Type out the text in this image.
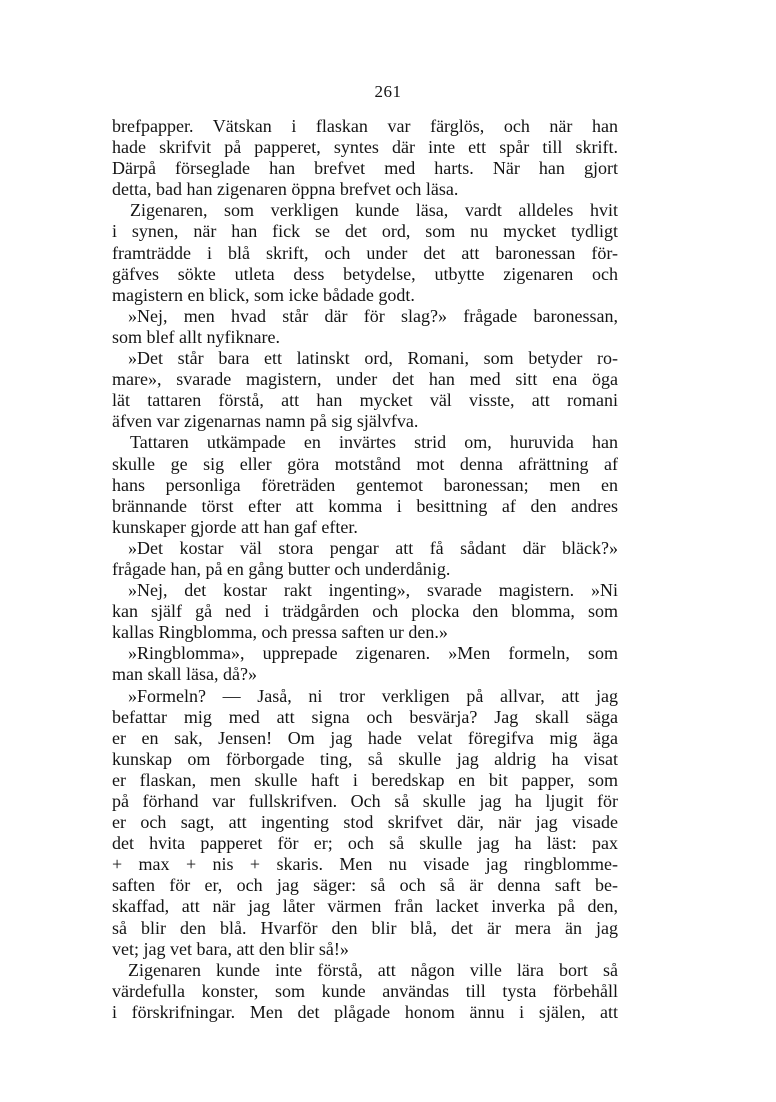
261
brefpapper. Vätskan i flaskan var färglös, och när han
hade skrifvit på papperet, syntes där inte ett spår till skrift.
Därpå förseglade han brefvet med harts. När han gjort
detta, bad han zigenaren öppna brefvet och läsa.
Zigenaren, som verkligen kunde läsa, vardt alldeles hvit
i synen, när han fick se det ord, som nu mycket tydligt
framträdde i blå skrift, och under det att baronessan för-
gäfves sökte utleta dess betydelse, utbytte zigenaren och
magistern en blick, som icke bådade godt.
»Nej, men hvad står där för slag?» frågade baronessan,
som blef allt nyfiknare.
»Det står bara ett latinskt ord, Romani, som betyder ro-
mare», svarade magistern, under det han med sitt ena öga
lät tattaren förstå, att han mycket väl visste, att romani
äfven var zigenarnas namn på sig självfva.
Tattaren utkämpade en invärtes strid om, huruvida han
skulle ge sig eller göra motstånd mot denna afrättning af
hans personliga företräden gentemot baronessan; men en
brännande törst efter att komma i besittning af den andres
kunskaper gjorde att han gaf efter.
»Det kostar väl stora pengar att få sådant där bläck?»
frågade han, på en gång butter och underdånig.
»Nej, det kostar rakt ingenting», svarade magistern. »Ni
kan själf gå ned i trädgården och plocka den blomma, som
kallas Ringblomma, och pressa saften ur den.»
»Ringblomma», upprepade zigenaren. »Men formeln, som
man skall läsa, då?»
»Formeln? — Jaså, ni tror verkligen på allvar, att jag
befattar mig med att signa och besvärja? Jag skall säga
er en sak, Jensen! Om jag hade velat föregifva mig äga
kunskap om förborgade ting, så skulle jag aldrig ha visat
er flaskan, men skulle haft i beredskap en bit papper, som
på förhand var fullskrifven. Och så skulle jag ha ljugit för
er och sagt, att ingenting stod skrifvet där, när jag visade
det hvita papperet för er; och så skulle jag ha läst: pax
+ max + nis + skaris. Men nu visade jag ringblomme-
saften för er, och jag säger: så och så är denna saft be-
skaffad, att när jag låter värmen från lacket inverka på den,
så blir den blå. Hvarför den blir blå, det är mera än jag
vet; jag vet bara, att den blir så!»
Zigenaren kunde inte förstå, att någon ville lära bort så
värdefulla konster, som kunde användas till tysta förbehåll
i förskrifningar. Men det plågade honom ännu i själen, att
